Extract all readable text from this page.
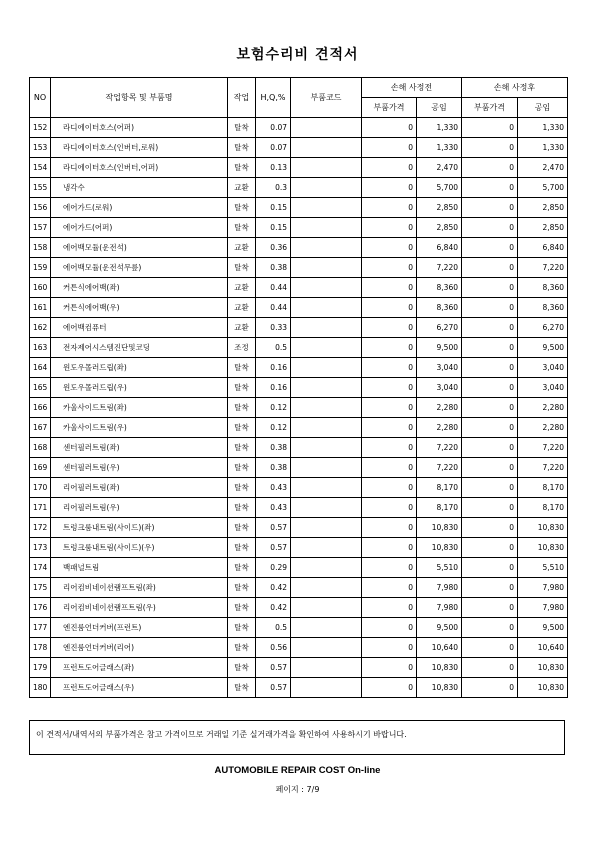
보험수리비 견적서
NO	작업항목 및 부품명	작업	H,Q,%	부품코드	손해 사정전		손해 사정후	
					부품가격	공임	부품가격	공임
152	라디에이터호스(어퍼)	탈착	0.07		0	1,330	0	1,330
153	라디에이터호스(인버터,로워)	탈착	0.07		0	1,330	0	1,330
154	라디에이터호스(인버터,어퍼)	탈착	0.13		0	2,470	0	2,470
155	냉각수	교환	0.3		0	5,700	0	5,700
156	에어가드(로워)	탈착	0.15		0	2,850	0	2,850
157	에어가드(어퍼)	탈착	0.15		0	2,850	0	2,850
158	에어백모듈(운전석)	교환	0.36		0	6,840	0	6,840
159	에어백모듈(운전석무릎)	탈착	0.38		0	7,220	0	7,220
160	커튼식에어백(좌)	교환	0.44		0	8,360	0	8,360
161	커튼식에어백(우)	교환	0.44		0	8,360	0	8,360
162	에어백컴퓨터	교환	0.33		0	6,270	0	6,270
163	전자제어시스템진단및코딩	조정	0.5		0	9,500	0	9,500
164	윈도우몰러드립(좌)	탈착	0.16		0	3,040	0	3,040
165	윈도우몰러드립(우)	탈착	0.16		0	3,040	0	3,040
166	카울사이드트림(좌)	탈착	0.12		0	2,280	0	2,280
167	카울사이드트림(우)	탈착	0.12		0	2,280	0	2,280
168	센터필러트림(좌)	탈착	0.38		0	7,220	0	7,220
169	센터필러트림(우)	탈착	0.38		0	7,220	0	7,220
170	리어필러트림(좌)	탈착	0.43		0	8,170	0	8,170
171	리어필러트림(우)	탈착	0.43		0	8,170	0	8,170
172	트렁크룸내트림(사이드)(좌)	탈착	0.57		0	10,830	0	10,830
173	트렁크룸내트림(사이드)(우)	탈착	0.57		0	10,830	0	10,830
174	백패널트림	탈착	0.29		0	5,510	0	5,510
175	리어컴비네이션램프트림(좌)	탈착	0.42		0	7,980	0	7,980
176	리어컴비네이션램프트림(우)	탈착	0.42		0	7,980	0	7,980
177	엔진룸언더커버(프런트)	탈착	0.5		0	9,500	0	9,500
178	엔진룸언더커버(리어)	탈착	0.56		0	10,640	0	10,640
179	프런트도어글래스(좌)	탈착	0.57		0	10,830	0	10,830
180	프런트도어글래스(우)	탈착	0.57		0	10,830	0	10,830
이 견적서/내역서의 부품가격은 참고 가격이므로 거래일 기준 실거래가격을 확인하여 사용하시기 바랍니다.
AUTOMOBILE REPAIR COST On-line
페이지 : 7/9
